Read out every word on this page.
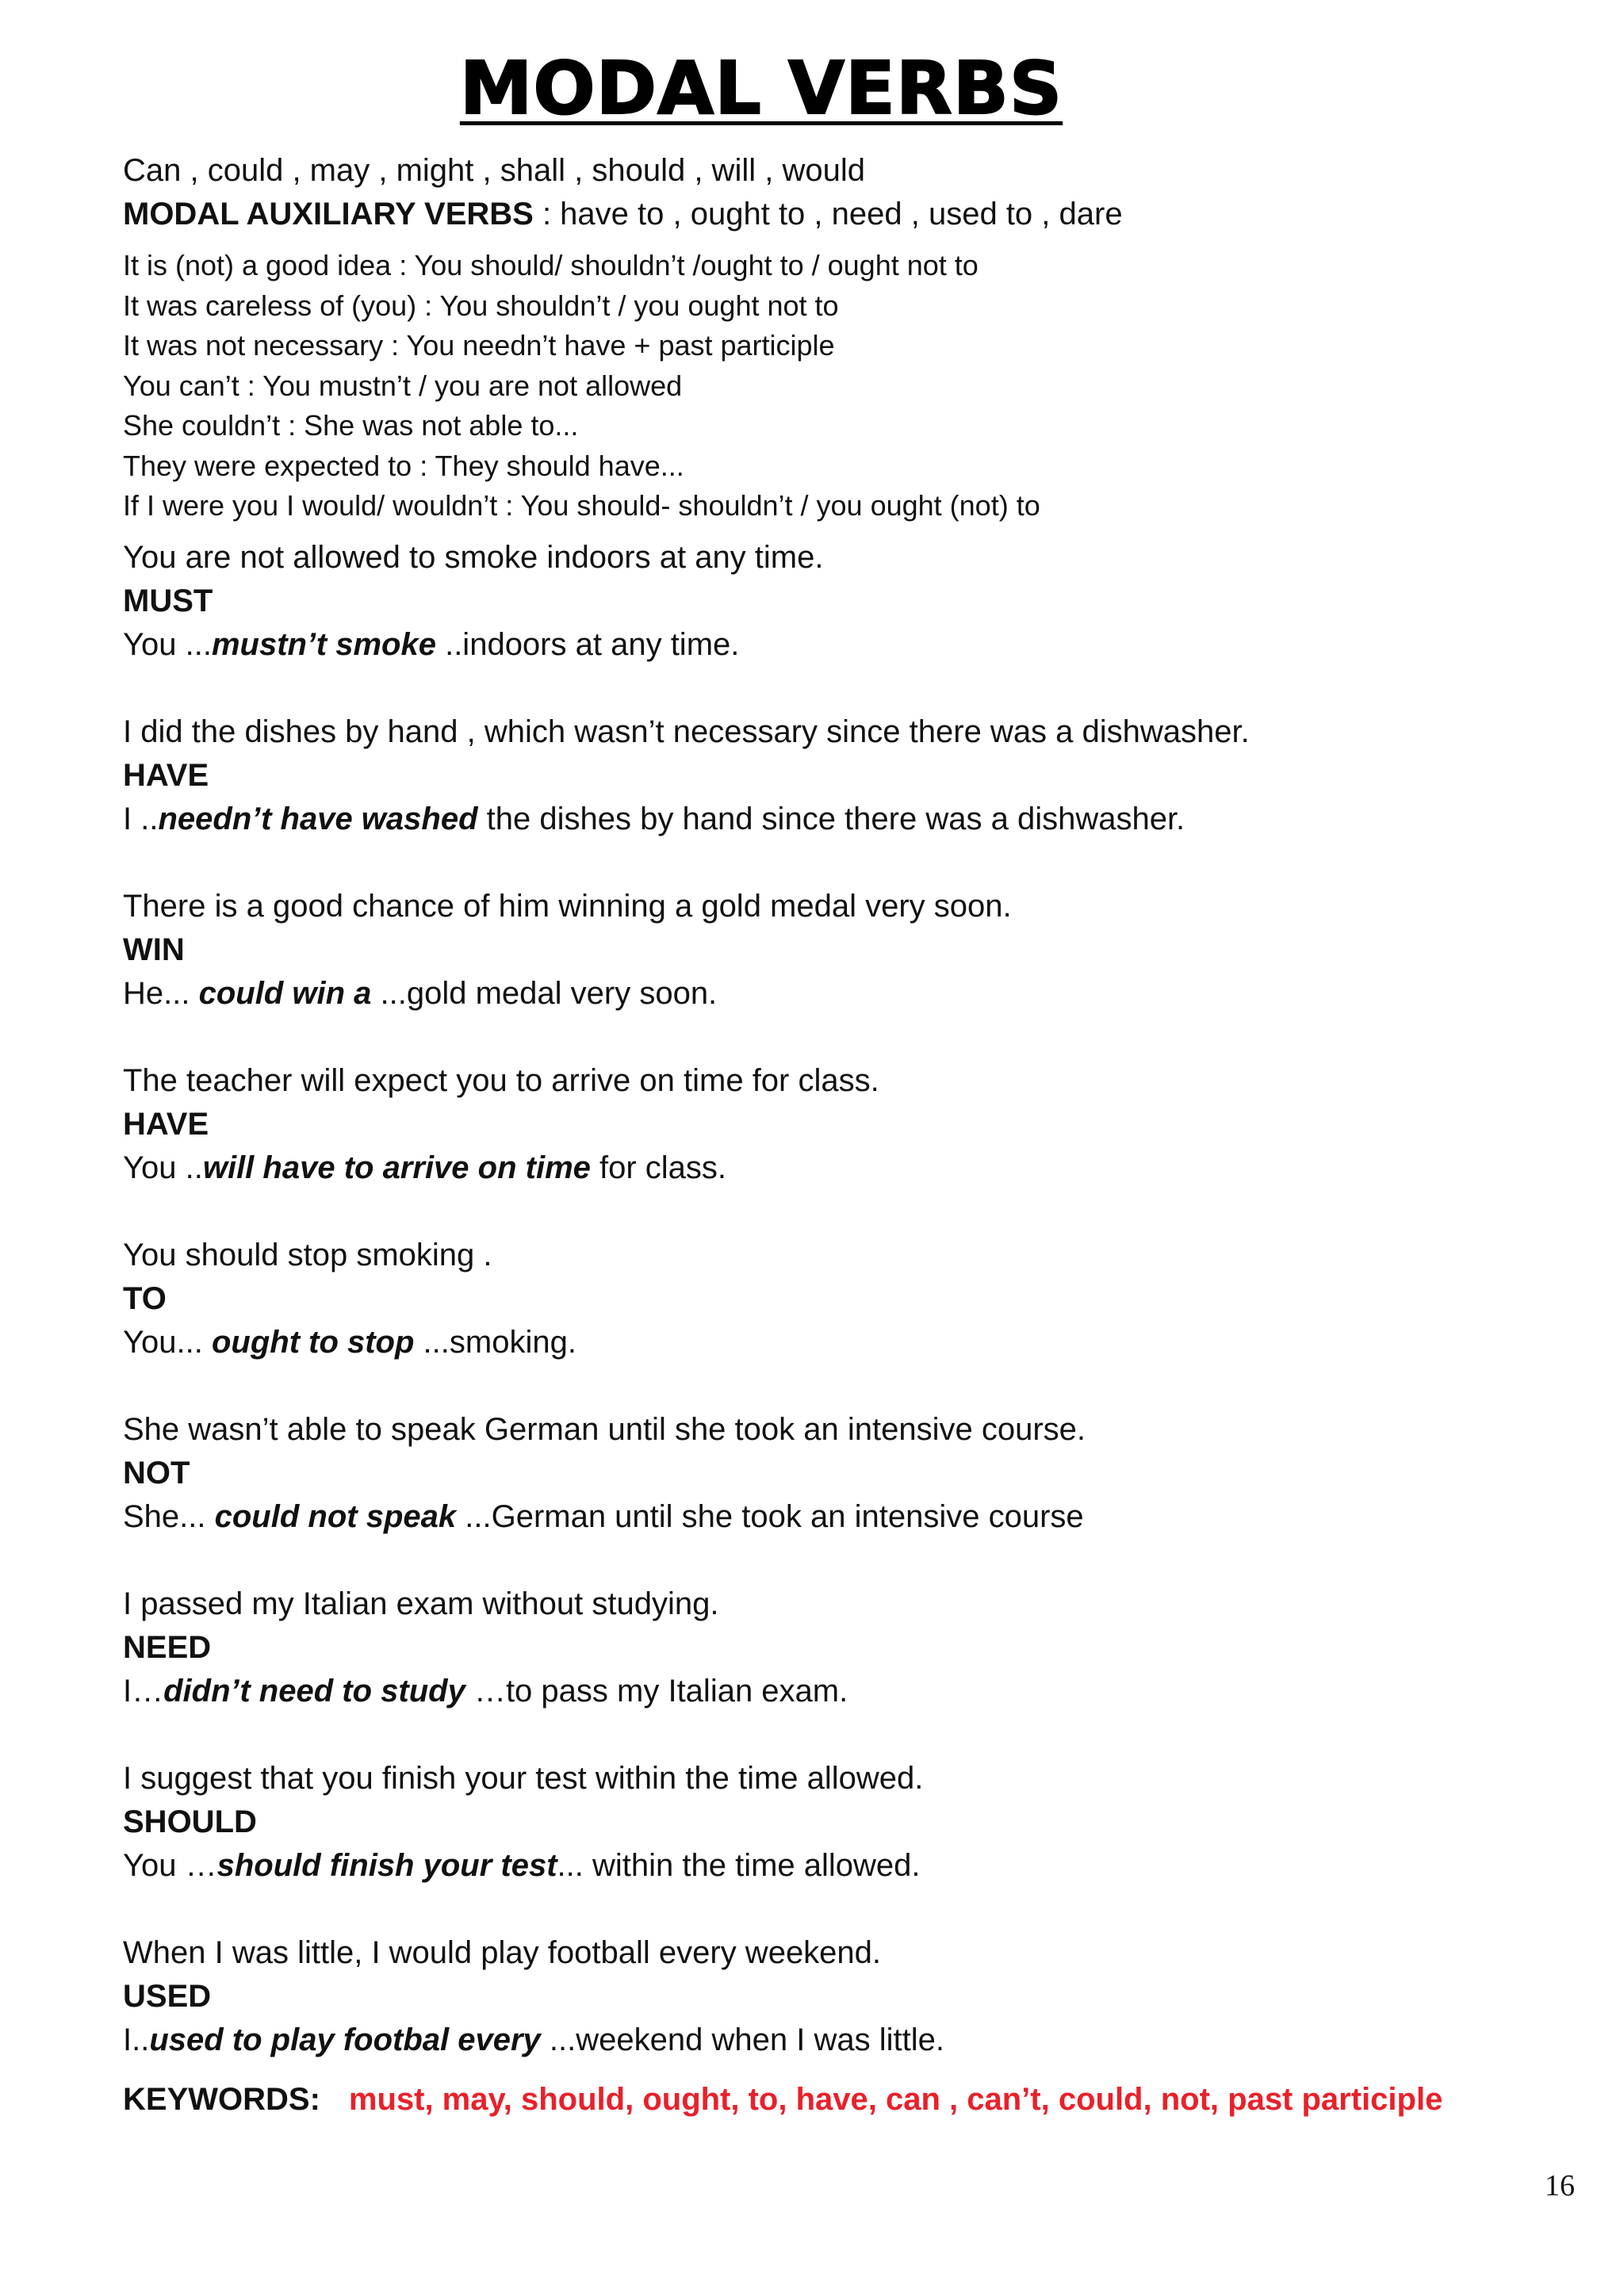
MODAL VERBS

Can , could , may , might , shall , should , will , would

MODAL AUXILIARY VERBS : have to , ought to , need , used to , dare

It is (not) a good idea : You should/ shouldn’t /ought to / ought not to

It was careless of (you) : You shouldn’t / you ought not to

It was not necessary : You needn’t have + past participle

You can’t : You mustn’t / you are not allowed

She couldn’t : She was not able to...

They were expected to : They should have...

If I were you I would/ wouldn’t : You should- shouldn’t / you ought (not) to

You are not allowed to smoke indoors at any time.

MUST

You ...mustn’t smoke ..indoors at any time.

I did the dishes by hand , which wasn’t necessary since there was a dishwasher.

HAVE

I ..needn’t have washed the dishes by hand since there was a dishwasher.

There is a good chance of him winning a gold medal very soon.

WIN

He... could win a ...gold medal very soon.

The teacher will expect you to arrive on time for class.

HAVE

You ..will have to arrive on time for class.

You should stop smoking .

TO

You... ought to stop ...smoking.

She wasn’t able to speak German until she took an intensive course.

NOT

She... could not speak ...German until she took an intensive course

I passed my Italian exam without studying.

NEED

I…didn’t need to study …to pass my Italian exam.

I suggest that you finish your test within the time allowed.

SHOULD

You …should finish your test... within the time allowed.

When I was little, I would play football every weekend.

USED

I..used to play footbal every ...weekend when I was little.

KEYWORDS: must, may, should, ought, to, have, can , can’t, could, not, past participle

16
